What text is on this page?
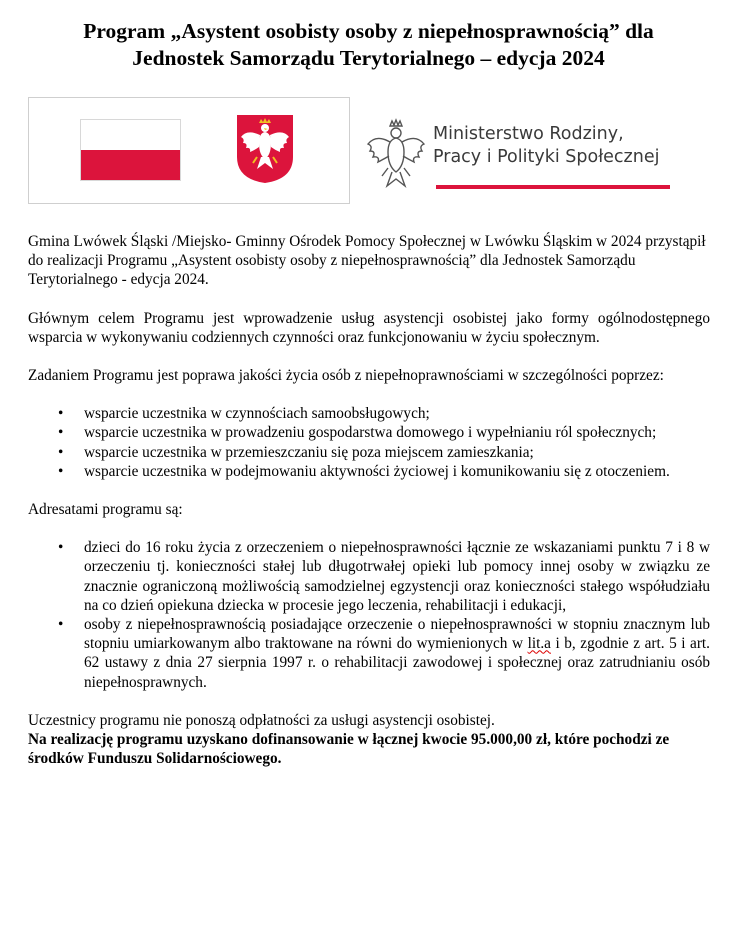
Program „Asystent osobisty osoby z niepełnosprawnością” dla
Jednostek Samorządu Terytorialnego – edycja 2024
Ministerstwo Rodziny,
Pracy i Polityki Społecznej

Gmina Lwówek Śląski /Miejsko- Gminny Ośrodek Pomocy Społecznej w Lwówku Śląskim w 2024 przystąpił do realizacji Programu „Asystent osobisty osoby z niepełnosprawnością” dla Jednostek Samorządu Terytorialnego - edycja 2024.

Głównym celem Programu jest wprowadzenie usług asystencji osobistej jako formy ogólnodostępnego wsparcia w wykonywaniu codziennych czynności oraz funkcjonowaniu w życiu społecznym.

Zadaniem Programu jest poprawa jakości życia osób z niepełnoprawnościami w szczególności poprzez:

• wsparcie uczestnika w czynnościach samoobsługowych;
• wsparcie uczestnika w prowadzeniu gospodarstwa domowego i wypełnianiu ról społecznych;
• wsparcie uczestnika w przemieszczaniu się poza miejscem zamieszkania;
• wsparcie uczestnika w podejmowaniu aktywności życiowej i komunikowaniu się z otoczeniem.

Adresatami programu są:

• dzieci do 16 roku życia z orzeczeniem o niepełnosprawności łącznie ze wskazaniami punktu 7 i 8 w orzeczeniu tj. konieczności stałej lub długotrwałej opieki lub pomocy innej osoby w związku ze znacznie ograniczoną możliwością samodzielnej egzystencji oraz konieczności stałego współudziału na co dzień opiekuna dziecka w procesie jego leczenia, rehabilitacji i edukacji,
• osoby z niepełnosprawnością posiadające orzeczenie o niepełnosprawności w stopniu znacznym lub stopniu umiarkowanym albo traktowane na równi do wymienionych w lit.a i b, zgodnie z art. 5 i art. 62 ustawy z dnia 27 sierpnia 1997 r. o rehabilitacji zawodowej i społecznej oraz zatrudnianiu osób niepełnosprawnych.

Uczestnicy programu nie ponoszą odpłatności za usługi asystencji osobistej.

Na realizację programu uzyskano dofinansowanie w łącznej kwocie 95.000,00 zł, które pochodzi ze środków Funduszu Solidarnościowego.
